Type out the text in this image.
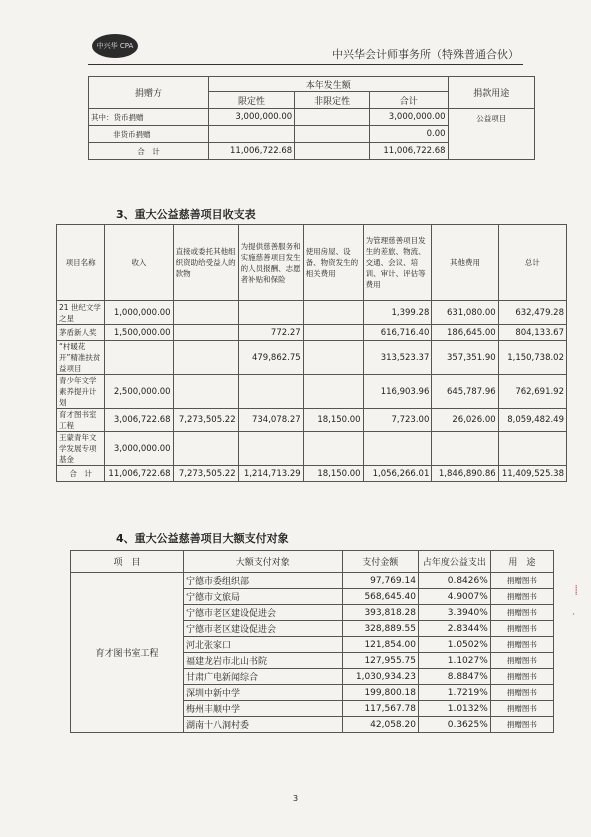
中兴华 CPA
中兴华会计师事务所（特殊普通合伙）
捐赠方	本年发生额			捐款用途
	限定性	非限定性	合计	
其中：货币捐赠	3,000,000.00		3,000,000.00	公益项目
非货币捐赠			0.00	
合　计	11,006,722.68		11,006,722.68	
3、重大公益慈善项目收支表
项目名称	收入	直接或委托其他组织资助给受益人的款物	为提供慈善服务和实施慈善项目发生的人员报酬、志愿者补贴和保险	使用房屋、设备、物资发生的相关费用	为管理慈善项目发生的差旅、物流、交通、会议、培训、审计、评估等费用	其他费用	总计
21 世纪文学之星	1,000,000.00				1,399.28	631,080.00	632,479.28
茅盾新人奖	1,500,000.00		772.27		616,716.40	186,645.00	804,133.67
“村暖花开”精准扶贫益项目			479,862.75		313,523.37	357,351.90	1,150,738.02
青少年文学素养提升计划	2,500,000.00				116,903.96	645,787.96	762,691.92
育才图书室工程	3,006,722.68	7,273,505.22	734,078.27	18,150.00	7,723.00	26,026.00	8,059,482.49
王蒙青年文学发展专项基金	3,000,000.00						
合　计	11,006,722.68	7,273,505.22	1,214,713.29	18,150.00	1,056,266.01	1,846,890.86	11,409,525.38
4、重大公益慈善项目大额支付对象
项　目	大额支付对象	支付金额	占年度公益支出	用　途
育才图书室工程	宁德市委组织部	97,769.14	0.8426%	捐赠图书
	宁德市文旅局	568,645.40	4.9007%	捐赠图书
	宁德市老区建设促进会	393,818.28	3.3940%	捐赠图书
	宁德市老区建设促进会	328,889.55	2.8344%	捐赠图书
	河北张家口	121,854.00	1.0502%	捐赠图书
	福建龙岩市北山书院	127,955.75	1.1027%	捐赠图书
	甘肃广电新闻综合	1,030,934.23	8.8847%	捐赠图书
	深圳中新中学	199,800.18	1.7219%	捐赠图书
	梅州丰顺中学	117,567.78	1.0132%	捐赠图书
	湖南十八洞村委	42,058.20	0.3625%	捐赠图书
⸽
·
3
